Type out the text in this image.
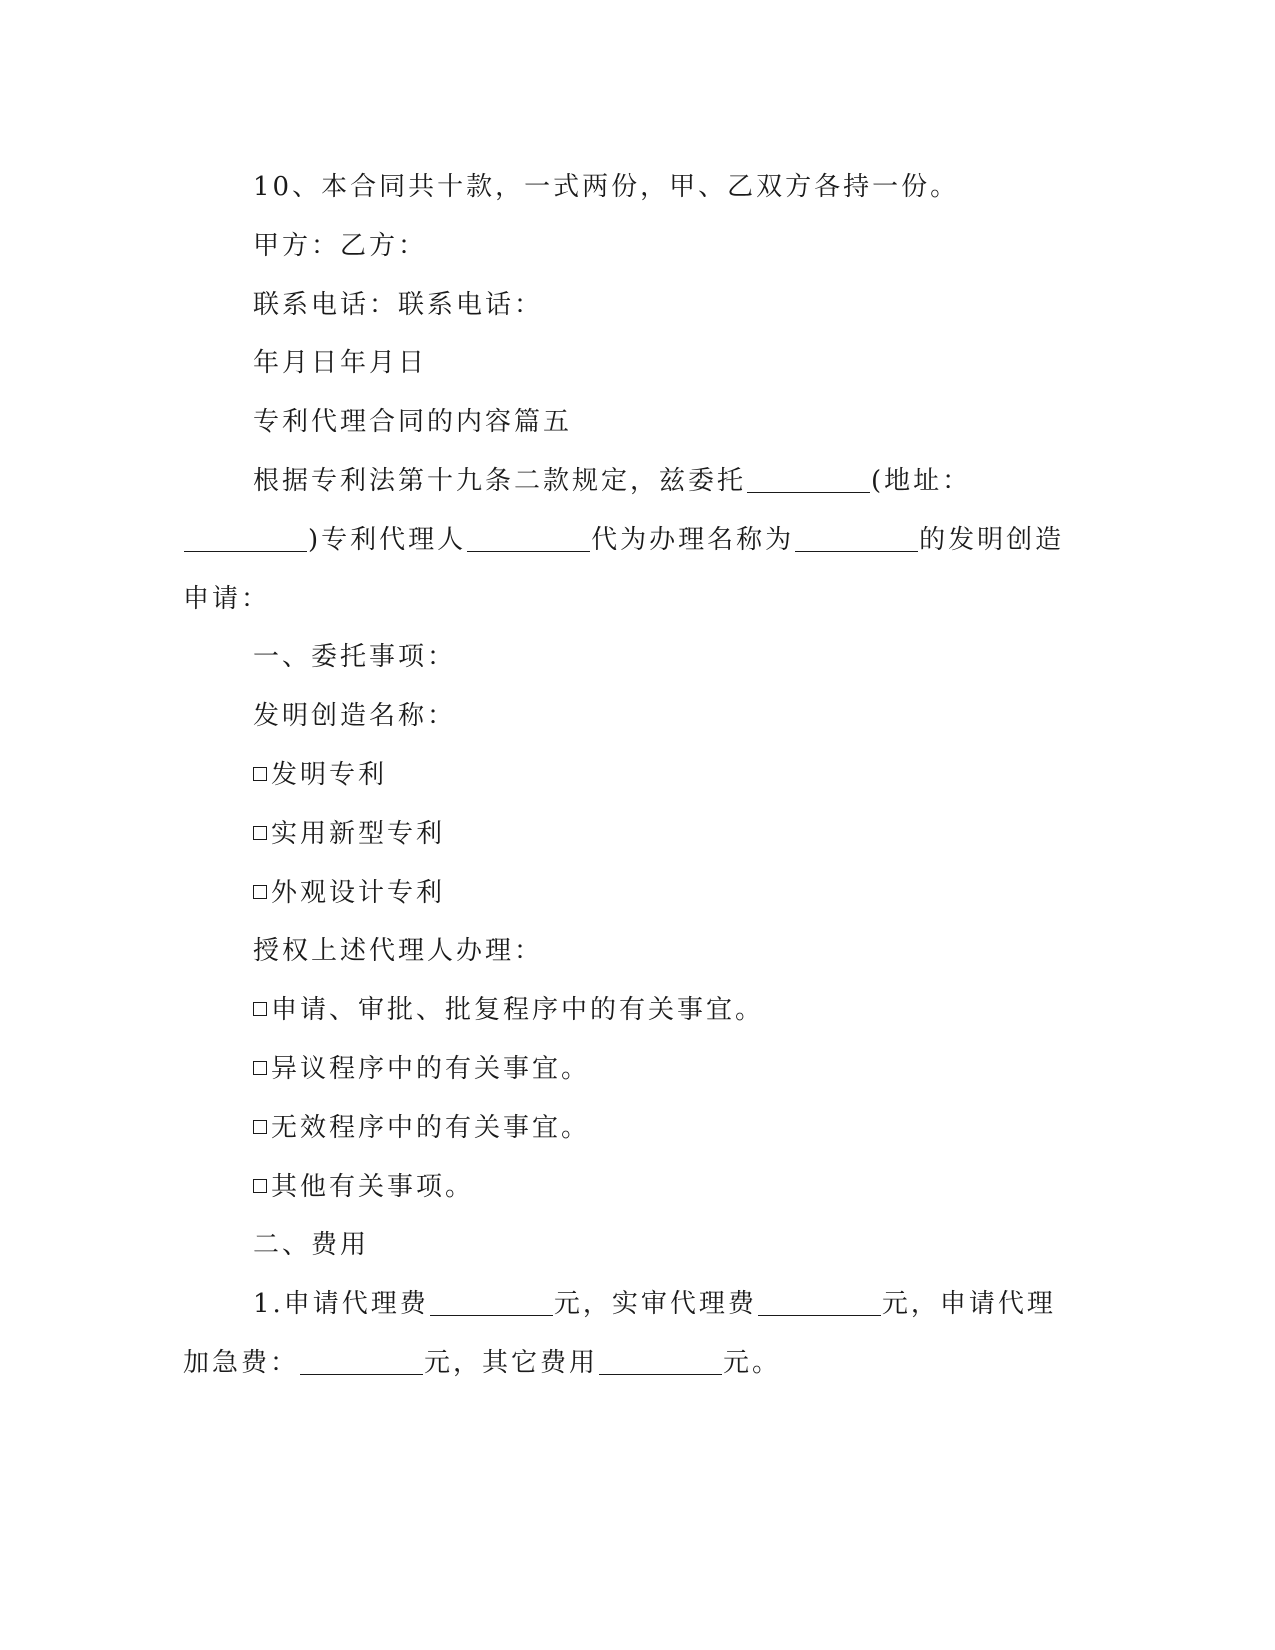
10、本合同共十款，一式两份，甲、乙双方各持一份。
甲方：乙方：
联系电话：联系电话：
年月日年月日
专利代理合同的内容篇五
根据专利法第十九条二款规定，兹委托	(地址：
)专利代理人	代为办理名称为	的发明创造
申请：
一、委托事项：
发明创造名称：
发明专利
实用新型专利
外观设计专利
授权上述代理人办理：
申请、审批、批复程序中的有关事宜。
异议程序中的有关事宜。
无效程序中的有关事宜。
其他有关事项。
二、费用
1.申请代理费	元，实审代理费	元，申请代理
加急费：	元，其它费用	元。
